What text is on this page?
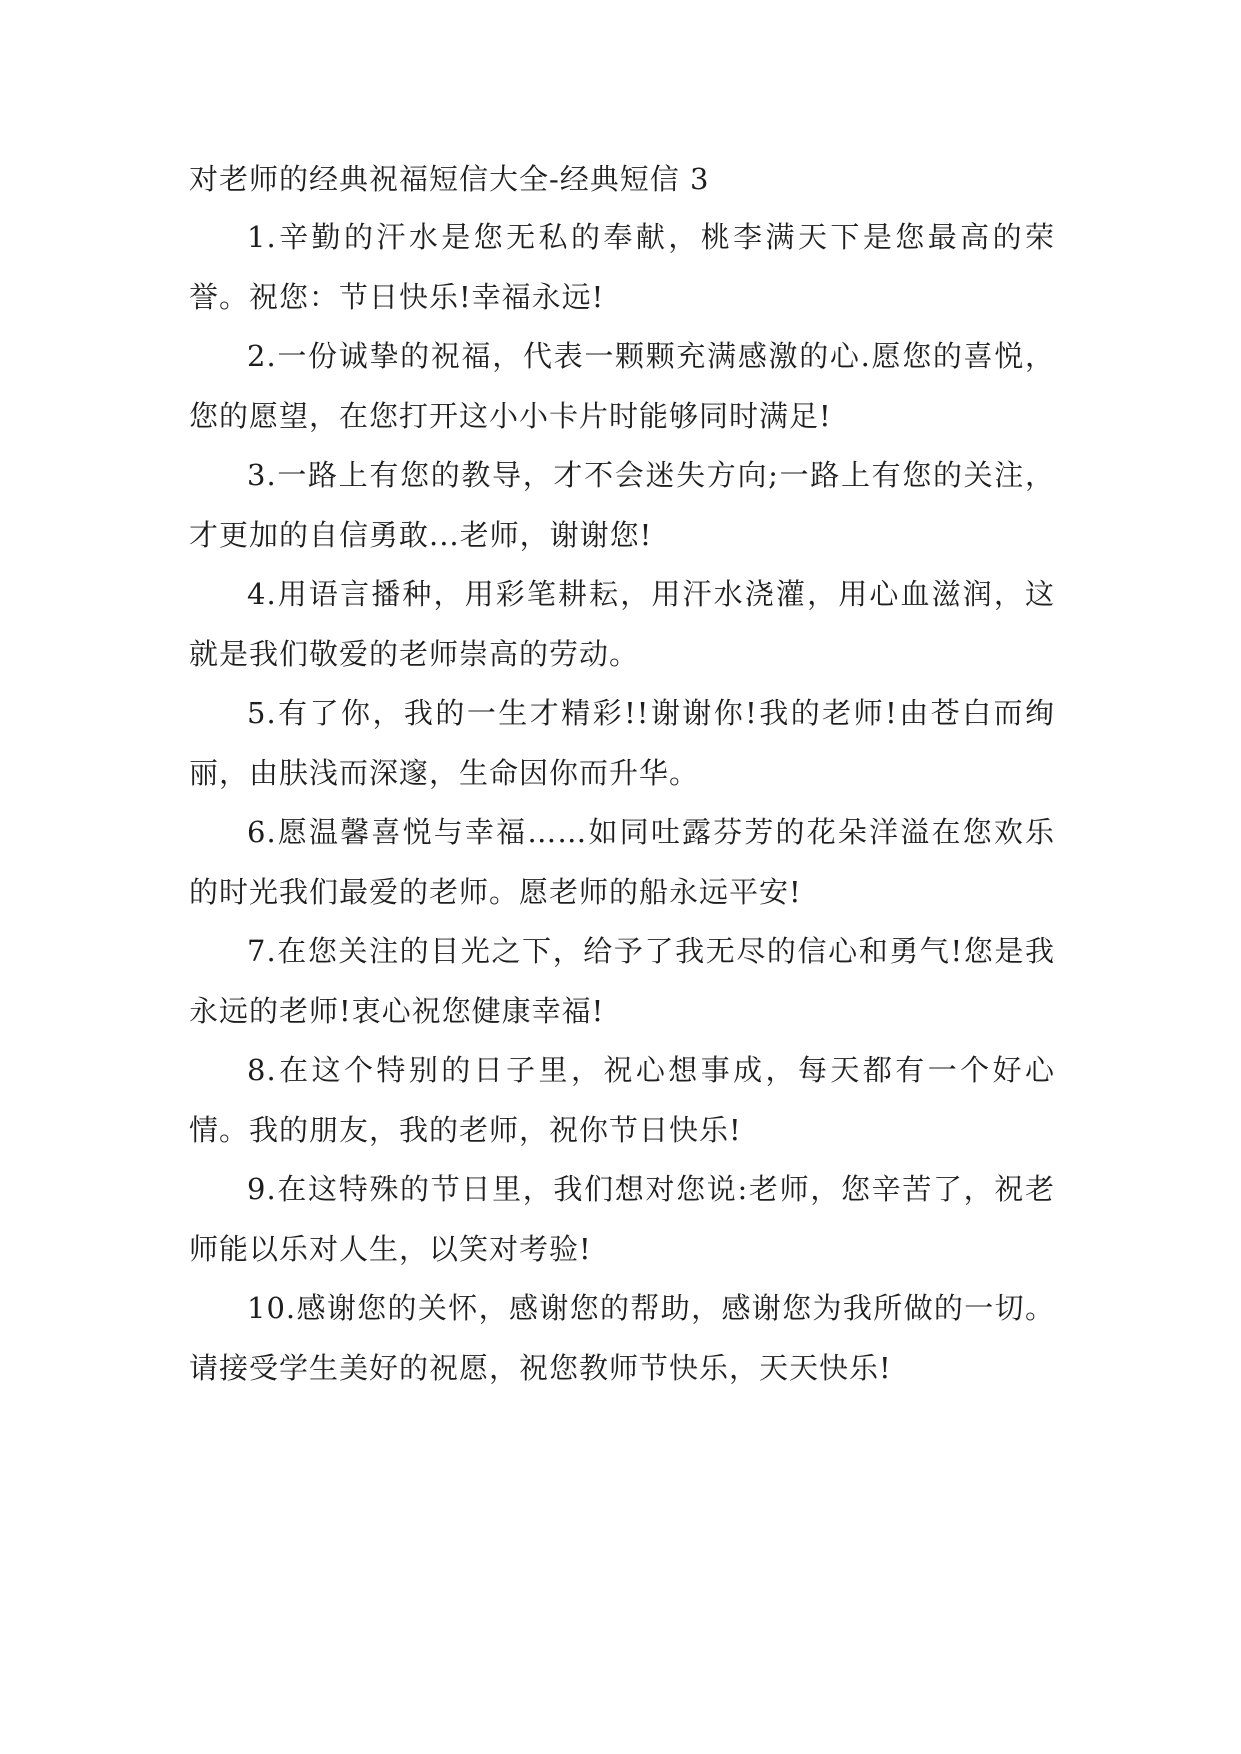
对老师的经典祝福短信大全-经典短信 3

1.辛勤的汗水是您无私的奉献，桃李满天下是您最高的荣誉。祝您：节日快乐!幸福永远!

2.一份诚挚的祝福，代表一颗颗充满感激的心.愿您的喜悦，您的愿望，在您打开这小小卡片时能够同时满足!

3.一路上有您的教导，才不会迷失方向;一路上有您的关注，才更加的自信勇敢...老师，谢谢您!

4.用语言播种，用彩笔耕耘，用汗水浇灌，用心血滋润，这就是我们敬爱的老师崇高的劳动。

5.有了你，我的一生才精彩!!谢谢你!我的老师!由苍白而绚丽，由肤浅而深邃，生命因你而升华。

6.愿温馨喜悦与幸福……如同吐露芬芳的花朵洋溢在您欢乐的时光我们最爱的老师。愿老师的船永远平安!

7.在您关注的目光之下，给予了我无尽的信心和勇气!您是我永远的老师!衷心祝您健康幸福!

8.在这个特别的日子里，祝心想事成，每天都有一个好心情。我的朋友，我的老师，祝你节日快乐!

9.在这特殊的节日里，我们想对您说:老师，您辛苦了，祝老师能以乐对人生，以笑对考验!

10.感谢您的关怀，感谢您的帮助，感谢您为我所做的一切。请接受学生美好的祝愿，祝您教师节快乐，天天快乐!
